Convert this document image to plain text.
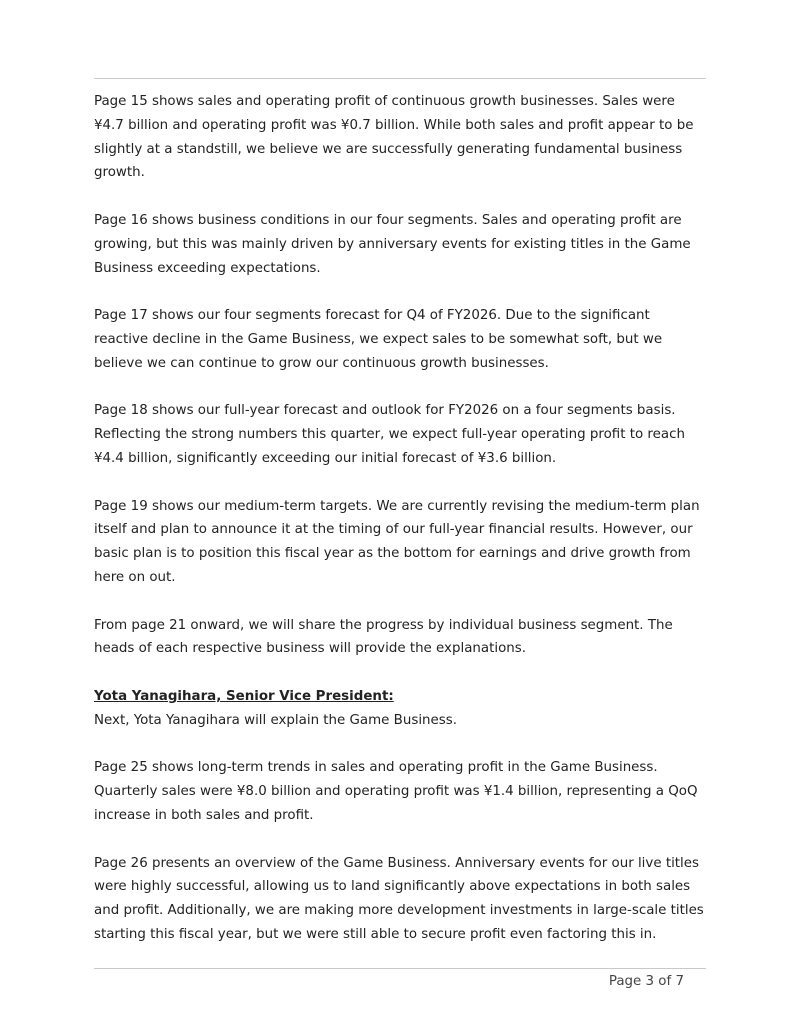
Page 15 shows sales and operating profit of continuous growth businesses. Sales were ¥4.7 billion and operating profit was ¥0.7 billion. While both sales and profit appear to be slightly at a standstill, we believe we are successfully generating fundamental business growth.

Page 16 shows business conditions in our four segments. Sales and operating profit are growing, but this was mainly driven by anniversary events for existing titles in the Game Business exceeding expectations.

Page 17 shows our four segments forecast for Q4 of FY2026. Due to the significant reactive decline in the Game Business, we expect sales to be somewhat soft, but we believe we can continue to grow our continuous growth businesses.

Page 18 shows our full-year forecast and outlook for FY2026 on a four segments basis. Reflecting the strong numbers this quarter, we expect full-year operating profit to reach ¥4.4 billion, significantly exceeding our initial forecast of ¥3.6 billion.

Page 19 shows our medium-term targets. We are currently revising the medium-term plan itself and plan to announce it at the timing of our full-year financial results. However, our basic plan is to position this fiscal year as the bottom for earnings and drive growth from here on out.

From page 21 onward, we will share the progress by individual business segment. The heads of each respective business will provide the explanations.

Yota Yanagihara, Senior Vice President:
Next, Yota Yanagihara will explain the Game Business.

Page 25 shows long-term trends in sales and operating profit in the Game Business. Quarterly sales were ¥8.0 billion and operating profit was ¥1.4 billion, representing a QoQ increase in both sales and profit.

Page 26 presents an overview of the Game Business. Anniversary events for our live titles were highly successful, allowing us to land significantly above expectations in both sales and profit. Additionally, we are making more development investments in large-scale titles starting this fiscal year, but we were still able to secure profit even factoring this in.

Page 3 of 7
